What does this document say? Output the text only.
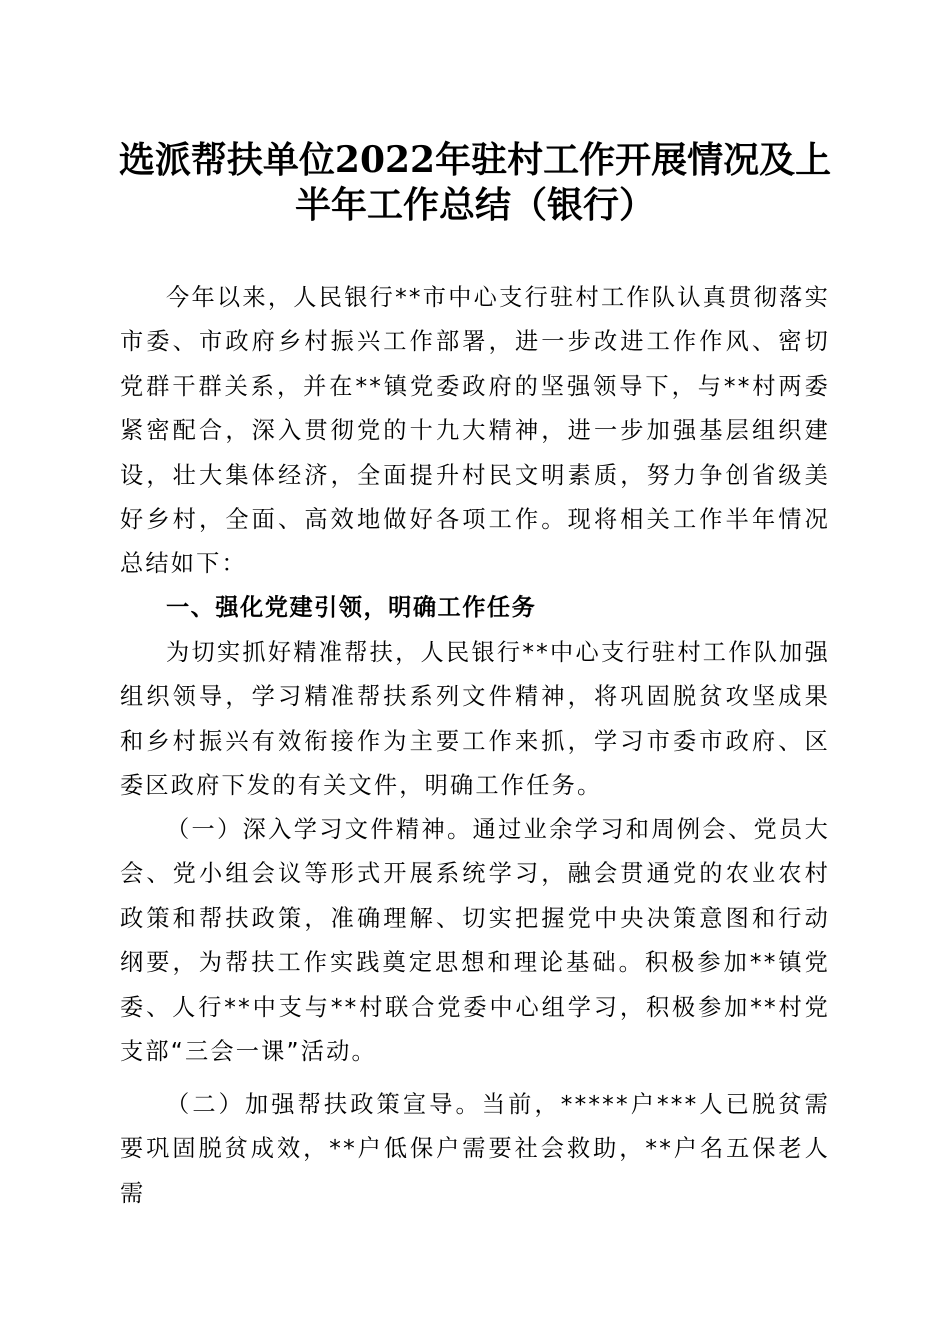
选派帮扶单位2022年驻村工作开展情况及上
半年工作总结（银行）

今年以来，人民银行**市中心支行驻村工作队认真贯彻落实市委、市政府乡村振兴工作部署，进一步改进工作作风、密切党群干群关系，并在**镇党委政府的坚强领导下，与**村两委紧密配合，深入贯彻党的十九大精神，进一步加强基层组织建设，壮大集体经济，全面提升村民文明素质，努力争创省级美好乡村，全面、高效地做好各项工作。现将相关工作半年情况总结如下：

一、强化党建引领，明确工作任务

为切实抓好精准帮扶，人民银行**中心支行驻村工作队加强组织领导，学习精准帮扶系列文件精神，将巩固脱贫攻坚成果和乡村振兴有效衔接作为主要工作来抓，学习市委市政府、区委区政府下发的有关文件，明确工作任务。

（一）深入学习文件精神。通过业余学习和周例会、党员大会、党小组会议等形式开展系统学习，融会贯通党的农业农村政策和帮扶政策，准确理解、切实把握党中央决策意图和行动纲要，为帮扶工作实践奠定思想和理论基础。积极参加**镇党委、人行**中支与**村联合党委中心组学习，积极参加**村党支部“三会一课”活动。

（二）加强帮扶政策宣导。当前，*****户***人已脱贫需要巩固脱贫成效，**户低保户需要社会救助，**户名五保老人需
